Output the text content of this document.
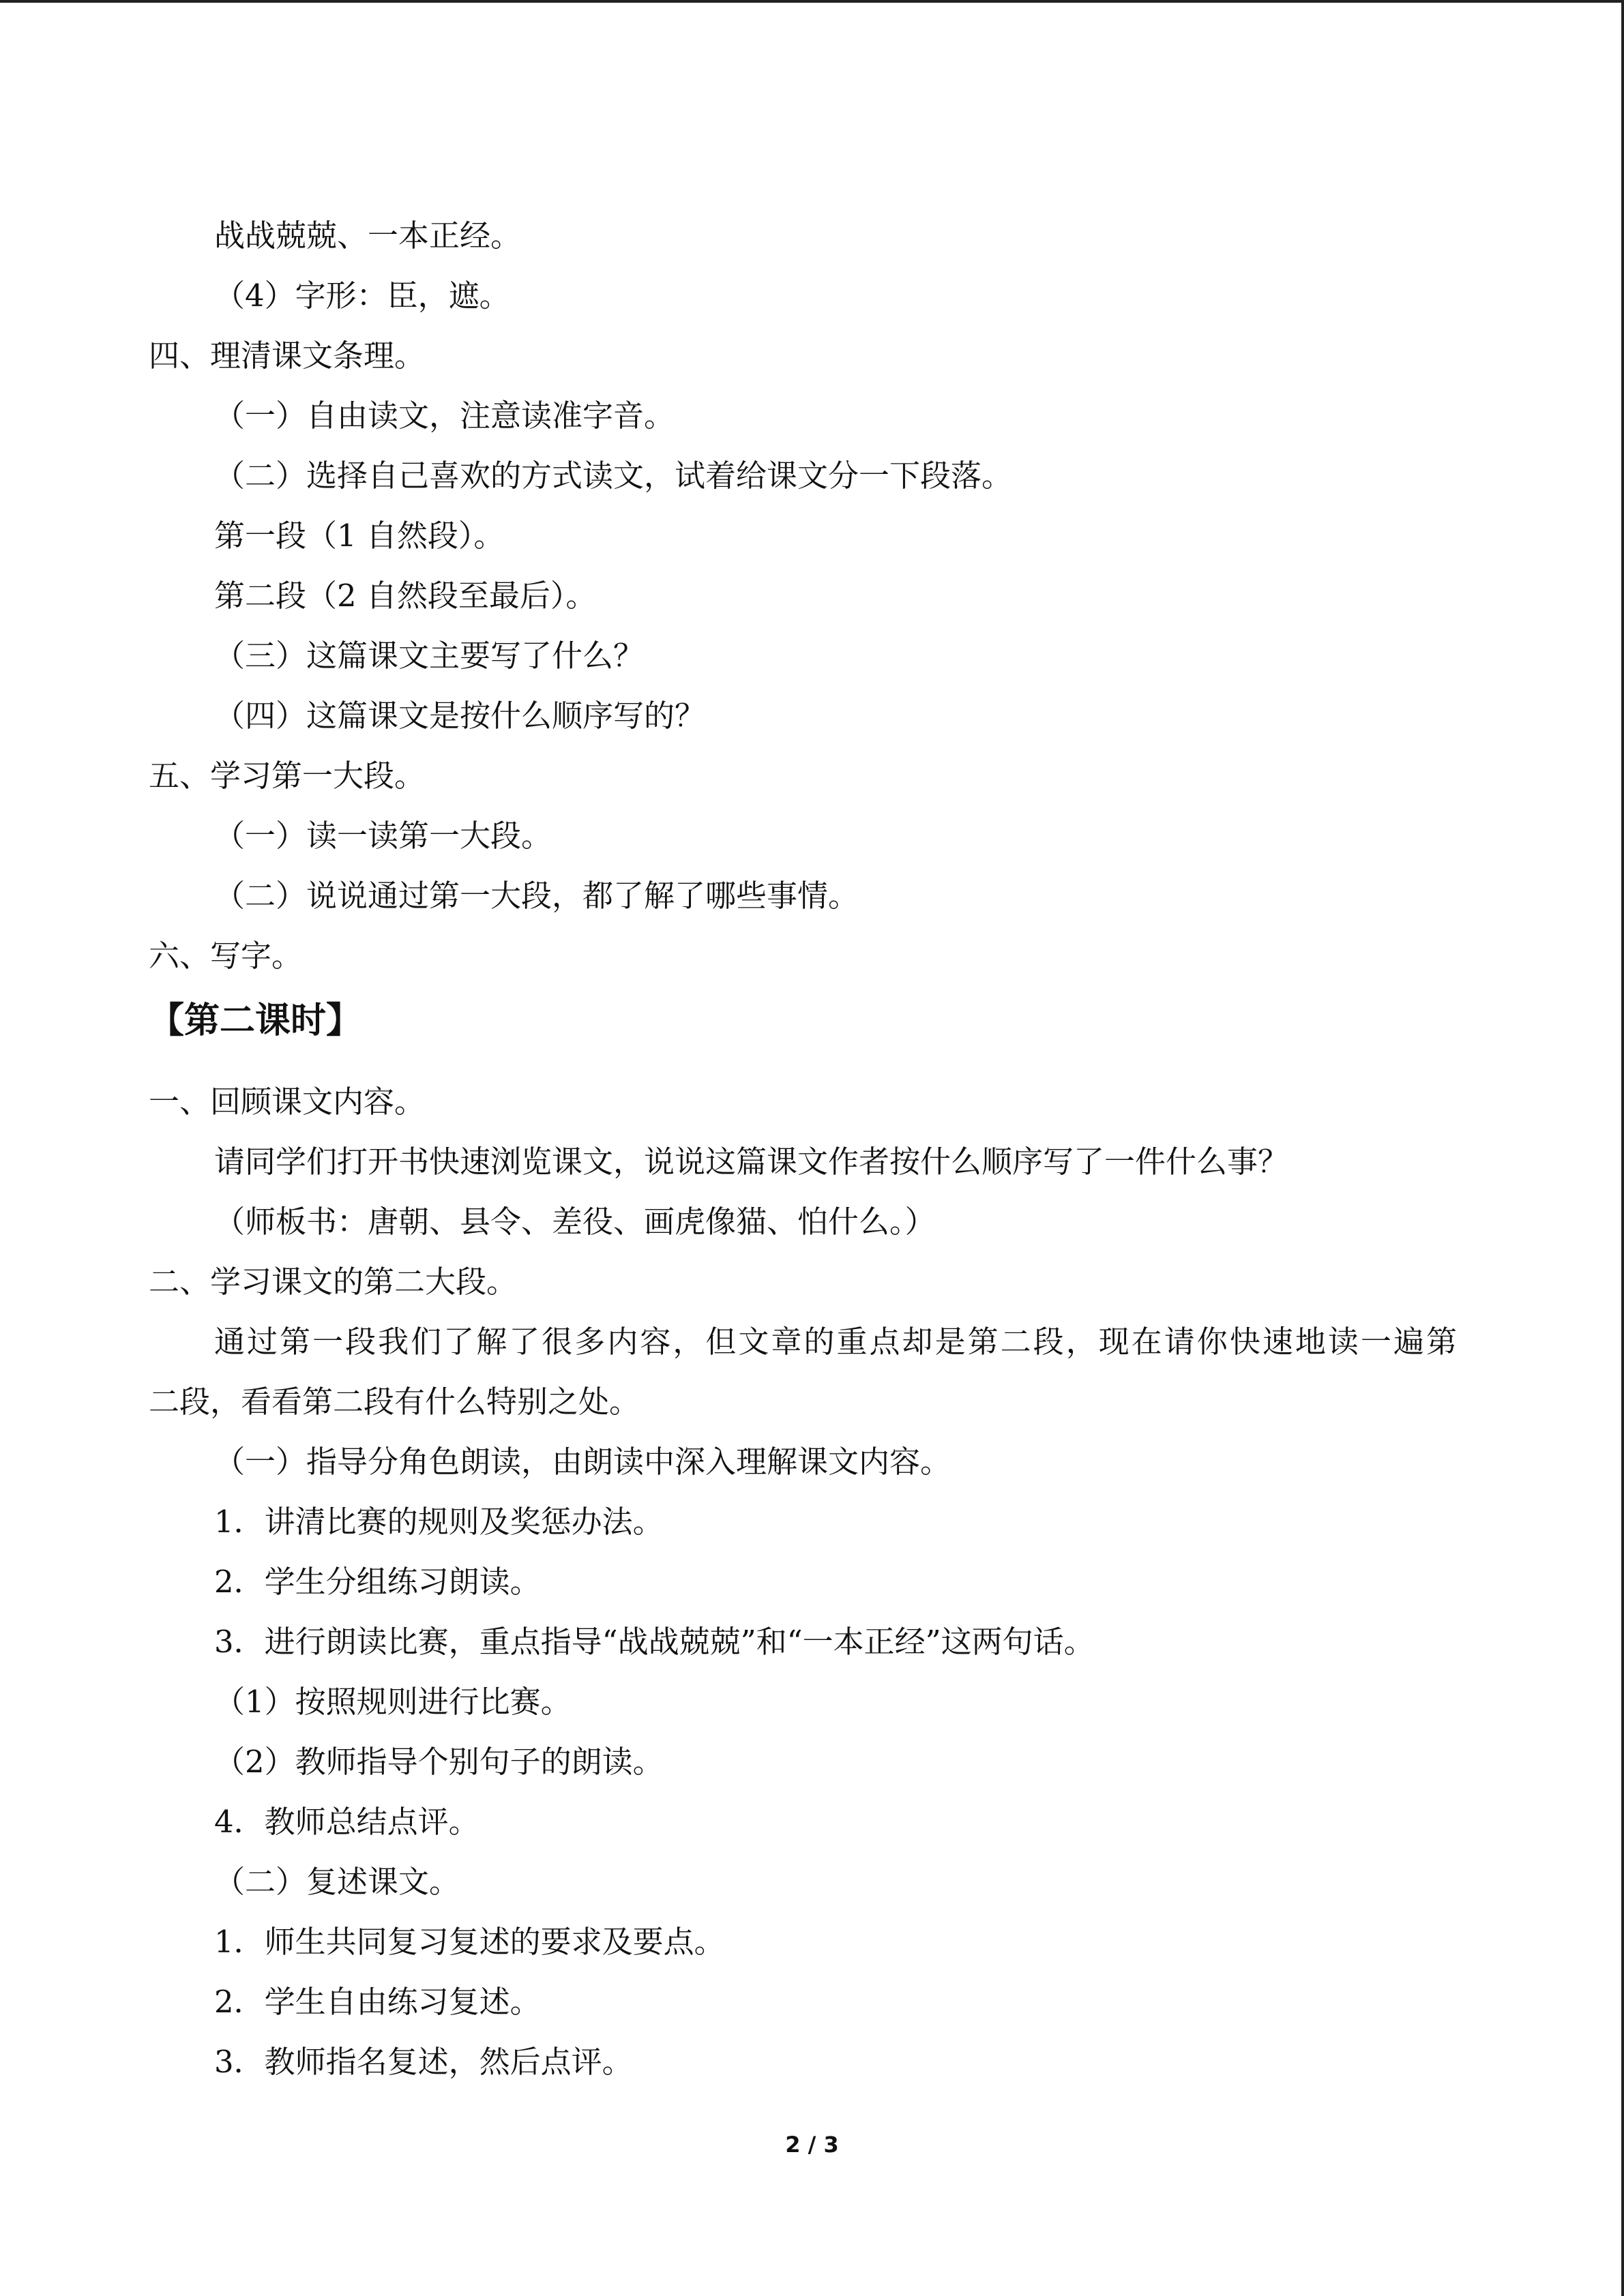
战战兢兢、一本正经。
（4）字形：臣，遮。
四、理清课文条理。
（一）自由读文，注意读准字音。
（二）选择自己喜欢的方式读文，试着给课文分一下段落。
第一段（1 自然段）。
第二段（2 自然段至最后）。
（三）这篇课文主要写了什么？
（四）这篇课文是按什么顺序写的？
五、学习第一大段。
（一）读一读第一大段。
（二）说说通过第一大段，都了解了哪些事情。
六、写字。
【第二课时】
一、回顾课文内容。
请同学们打开书快速浏览课文，说说这篇课文作者按什么顺序写了一件什么事？
（师板书：唐朝、县令、差役、画虎像猫、怕什么。）
二、学习课文的第二大段。
通过第一段我们了解了很多内容，但文章的重点却是第二段，现在请你快速地读一遍第
二段，看看第二段有什么特别之处。
（一）指导分角色朗读，由朗读中深入理解课文内容。
1．讲清比赛的规则及奖惩办法。
2．学生分组练习朗读。
3．进行朗读比赛，重点指导“战战兢兢”和“一本正经”这两句话。
（1）按照规则进行比赛。
（2）教师指导个别句子的朗读。
4．教师总结点评。
（二）复述课文。
1．师生共同复习复述的要求及要点。
2．学生自由练习复述。
3．教师指名复述，然后点评。
2 / 3
